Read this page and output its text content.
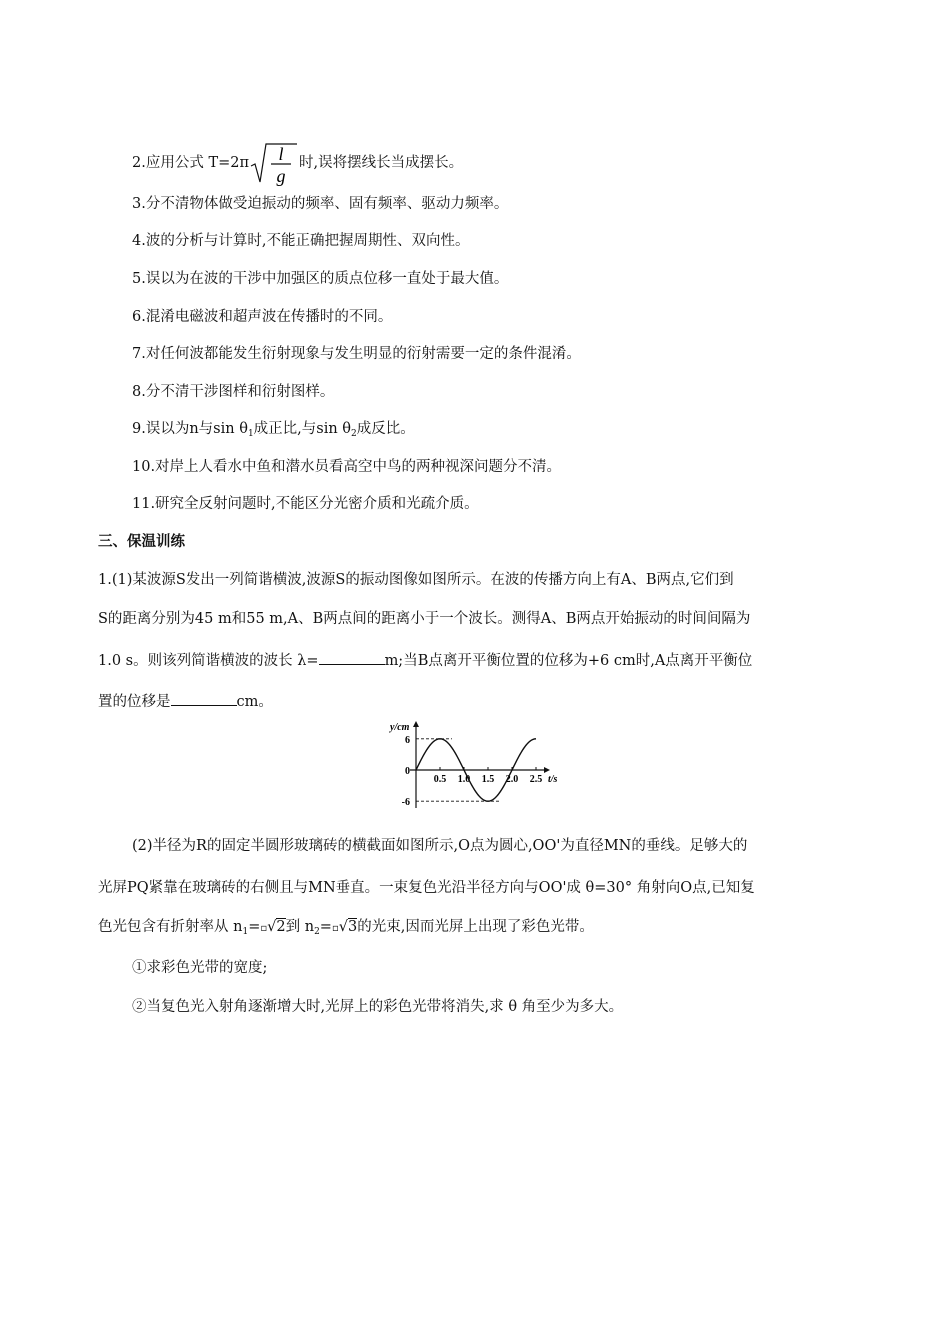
2.应用公式 T=2π l
g
时,误将摆线长当成摆长。
3.分不清物体做受迫振动的频率、固有频率、驱动力频率。
4.波的分析与计算时,不能正确把握周期性、双向性。
5.误以为在波的干涉中加强区的质点位移一直处于最大值。
6.混淆电磁波和超声波在传播时的不同。
7.对任何波都能发生衍射现象与发生明显的衍射需要一定的条件混淆。
8.分不清干涉图样和衍射图样。
9.误以为n与$\sin \theta_1$成正比,与$\sin \theta_2$成反比。
10.对岸上人看水中鱼和潜水员看高空中鸟的两种视深问题分不清。
11.研究全反射问题时,不能区分光密介质和光疏介质。
三、保温训练
1.(1)某波源S发出一列简谐横波,波源S的振动图像如图所示。在波的传播方向上有A、B两点,它们到
S的距离分别为45 m和55 m,A、B两点间的距离小于一个波长。测得A、B两点开始振动的时间间隔为
1.0 s。则该列简谐横波的波长 λ=	m;当B点离开平衡位置的位移为+6 cm时,A点离开平衡位
置的位移是	cm。
y/cm
t/s
6
0
-6
0.5 1.0 1.5 2.0 2.5
(2)半径为R的固定半圆形玻璃砖的横截面如图所示,O点为圆心,OO'为直径MN的垂线。足够大的
光屏PQ紧靠在玻璃砖的右侧且与MN垂直。一束复色光沿半径方向与OO'成 θ=30° 角射向O点,已知复
色光包含有折射率从 $n_1=▫√2$到 $n_2=▫√3$的光束,因而光屏上出现了彩色光带。
①求彩色光带的宽度;
②当复色光入射角逐渐增大时,光屏上的彩色光带将消失,求 θ 角至少为多大。
